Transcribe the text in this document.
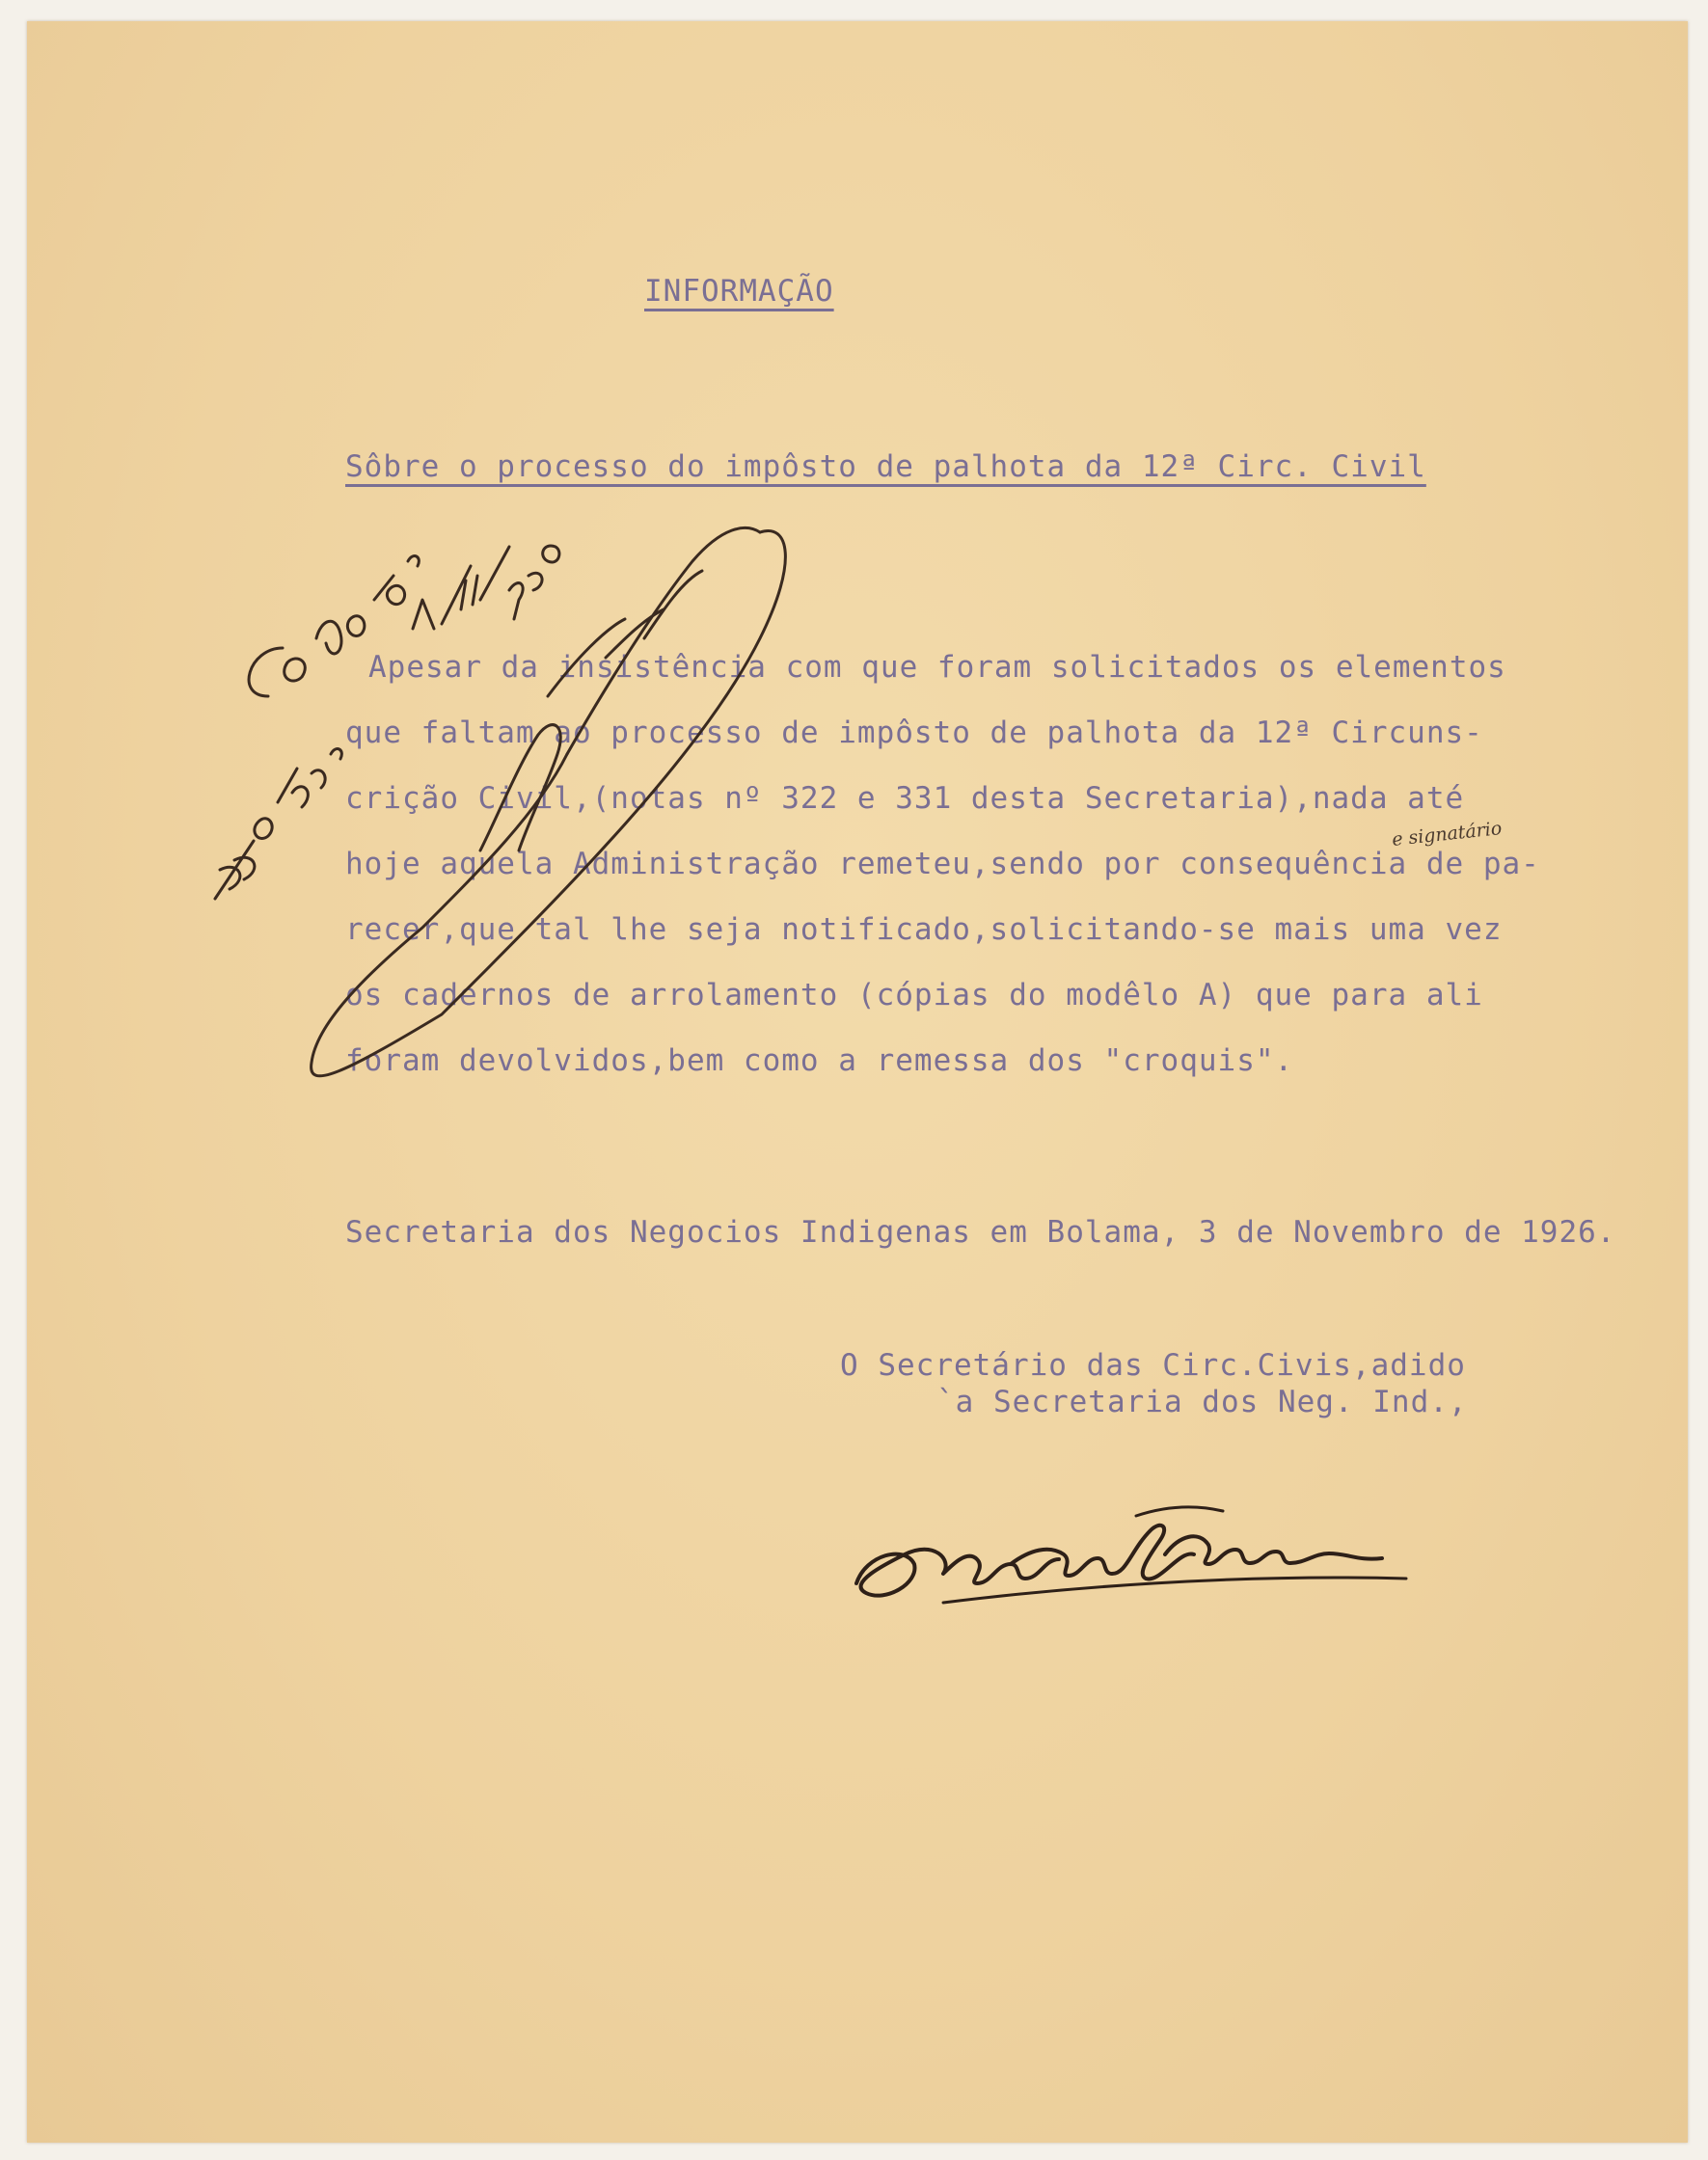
INFORMAÇÃO
Sôbre o processo do impôsto de palhota da 12ª Circ. Civil
Apesar da insistência com que foram solicitados os elementos
que faltam ao processo de impôsto de palhota da 12ª Circuns-
crição Civil,(notas nº 322 e 331 desta Secretaria),nada até
hoje aquela Administração remeteu,sendo por consequência de pa-
recer,que tal lhe seja notificado,solicitando-se mais uma vez
os cadernos de arrolamento (cópias do modêlo A) que para ali
foram devolvidos,bem como a remessa dos "croquis".
e signatário
Secretaria dos Negocios Indigenas em Bolama, 3 de Novembro de 1926.
O Secretário das Circ.Civis,adido
`a Secretaria dos Neg. Ind.,
